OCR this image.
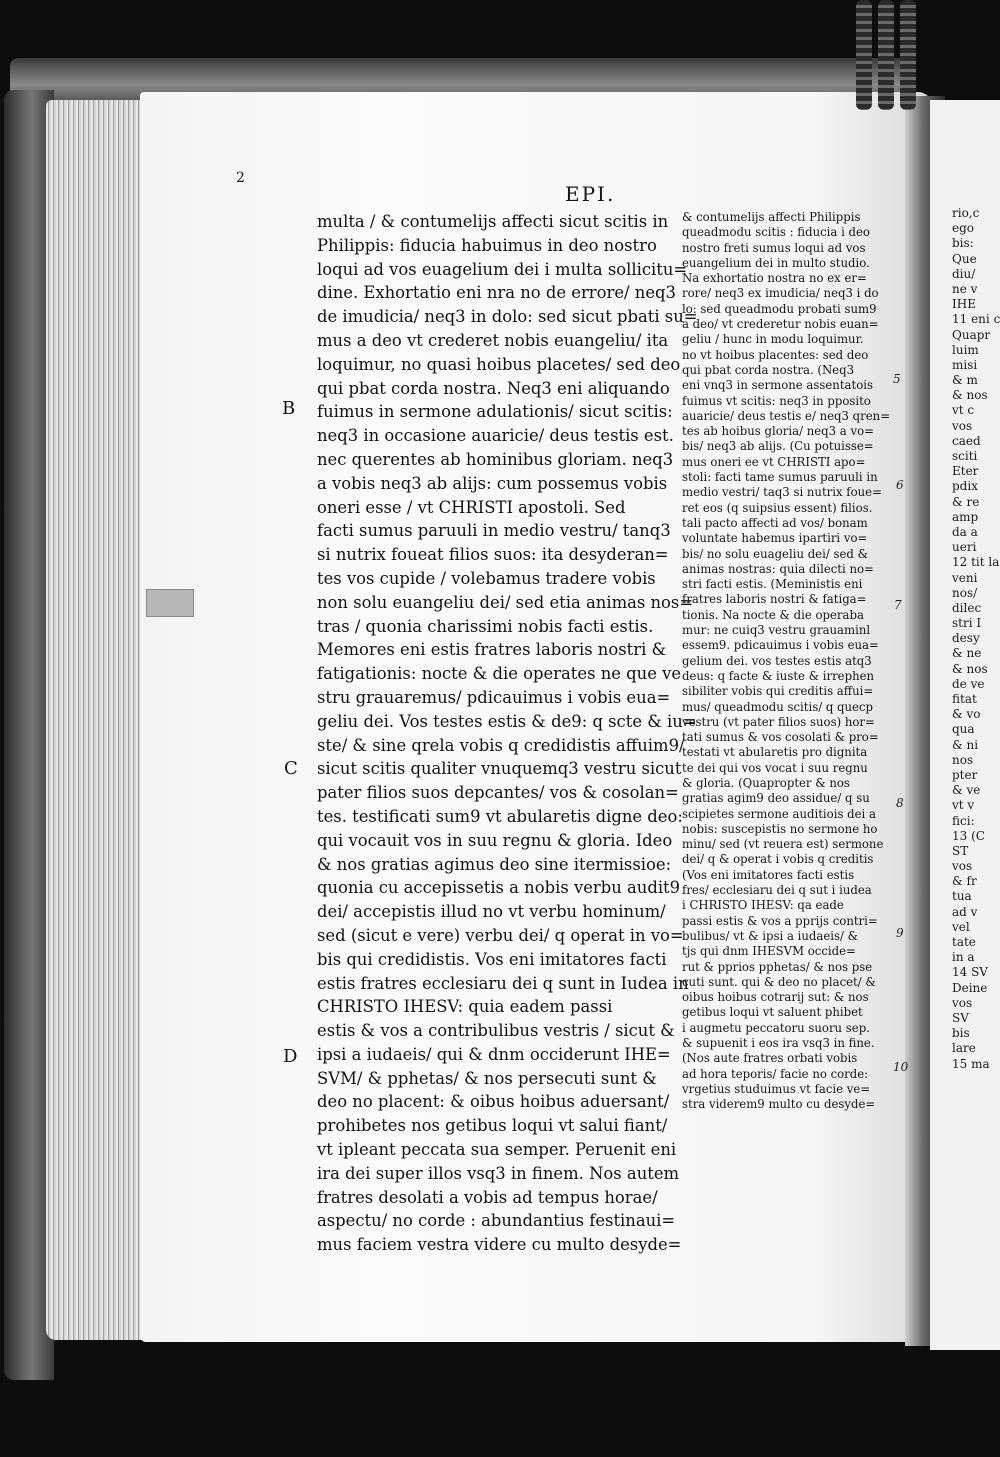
2
EPI.
B
C
D
5
6
7
8
9
10
multa / & contumelijs affecti sicut scitis in
Philippis: fiducia habuimus in deo nostro
loqui ad vos euagelium dei i multa sollicitu=
dine. Exhortatio eni nra no de errore/ neq3
de imudicia/ neq3 in dolo: sed sicut pbati su=
mus a deo vt crederet nobis euangeliu/ ita
loquimur, no quasi hoibus placetes/ sed deo
qui pbat corda nostra. Neq3 eni aliquando
fuimus in sermone adulationis/ sicut scitis:
neq3 in occasione auaricie/ deus testis est.
nec querentes ab hominibus gloriam. neq3
a vobis neq3 ab alijs: cum possemus vobis
oneri esse / vt CHRISTI apostoli. Sed
facti sumus paruuli in medio vestru/ tanq3
si nutrix foueat filios suos: ita desyderan=
tes vos cupide / volebamus tradere vobis
non solu euangeliu dei/ sed etia animas nos=
tras / quonia charissimi nobis facti estis.
Memores eni estis fratres laboris nostri &
fatigationis: nocte & die operates ne que ve
stru grauaremus/ pdicauimus i vobis eua=
geliu dei. Vos testes estis & de9: q scte & iu=
ste/ & sine qrela vobis q credidistis affuim9/
sicut scitis qualiter vnuquemq3 vestru sicut
pater filios suos depcantes/ vos & cosolan=
tes. testificati sum9 vt abularetis digne deo:
qui vocauit vos in suu regnu & gloria. Ideo
& nos gratias agimus deo sine itermissioe:
quonia cu accepissetis a nobis verbu audit9
dei/ accepistis illud no vt verbu hominum/
sed (sicut e vere) verbu dei/ q operat in vo=
bis qui credidistis. Vos eni imitatores facti
estis fratres ecclesiaru dei q sunt in Iudea in
CHRISTO IHESV: quia eadem passi
estis & vos a contribulibus vestris / sicut &
ipsi a iudaeis/ qui & dnm occiderunt IHE=
SVM/ & pphetas/ & nos persecuti sunt &
deo no placent: & oibus hoibus aduersant/
prohibetes nos getibus loqui vt salui fiant/
vt ipleant peccata sua semper. Peruenit eni
ira dei super illos vsq3 in finem. Nos autem
fratres desolati a vobis ad tempus horae/
aspectu/ no corde : abundantius festinaui=
mus faciem vestra videre cu multo desyde=
& contumelijs affecti Philippis
queadmodu scitis : fiducia i deo
nostro freti sumus loqui ad vos
euangelium dei in multo studio.
Na exhortatio nostra no ex er=
rore/ neq3 ex imudicia/ neq3 i do
lo: sed queadmodu probati sum9
a deo/ vt crederetur nobis euan=
geliu / hunc in modu loquimur.
no vt hoibus placentes: sed deo
qui pbat corda nostra. (Neq3
eni vnq3 in sermone assentatois
fuimus vt scitis: neq3 in pposito
auaricie/ deus testis e/ neq3 qren=
tes ab hoibus gloria/ neq3 a vo=
bis/ neq3 ab alijs. (Cu potuisse=
mus oneri ee vt CHRISTI apo=
stoli: facti tame sumus paruuli in
medio vestri/ taq3 si nutrix foue=
ret eos (q suipsius essent) filios.
tali pacto affecti ad vos/ bonam
voluntate habemus ipartiri vo=
bis/ no solu euageliu dei/ sed &
animas nostras: quia dilecti no=
stri facti estis. (Meministis eni
fratres laboris nostri & fatiga=
tionis. Na nocte & die operaba
mur: ne cuiq3 vestru grauaminl
essem9. pdicauimus i vobis eua=
gelium dei. vos testes estis atq3
deus: q facte & iuste & irrephen
sibiliter vobis qui creditis affui=
mus/ queadmodu scitis/ q quecp
vestru (vt pater filios suos) hor=
tati sumus & vos cosolati & pro=
testati vt abularetis pro dignita
te dei qui vos vocat i suu regnu
& gloria. (Quapropter & nos
gratias agim9 deo assidue/ q su
scipietes sermone auditiois dei a
nobis: suscepistis no sermone ho
minu/ sed (vt reuera est) sermone
dei/ q & operat i vobis q creditis
(Vos eni imitatores facti estis
fres/ ecclesiaru dei q sut i iudea
i CHRISTO IHESV: qa eade
passi estis & vos a pprijs contri=
bulibus/ vt & ipsi a iudaeis/ &
tjs qui dnm IHESVM occide=
rut & pprios pphetas/ & nos pse
cuti sunt. qui & deo no placet/ &
oibus hoibus cotrarij sut: & nos
getibus loqui vt saluent phibet
i augmetu peccatoru suoru sep.
& supuenit i eos ira vsq3 in fine.
(Nos aute fratres orbati vobis
ad hora teporis/ facie no corde:
vrgetius studuimus vt facie ve=
stra viderem9 multo cu desyde=
rio,c
ego
bis:
Que
diu/
ne v
IHE
11 eni c
Quapr
luim
misi
& m
& nos
vt c
vos
caed
sciti
Eter
pdix
& re
amp
da a
ueri
12 tit la
veni
nos/
dilec
stri I
desy
& ne
& nos
de ve
fitat
& vo
qua
& ni
nos
pter
& ve
vt v
fici:
13 (C
ST
vos
& fr
tua
ad v
vel
tate
in a
14 SV
Deine
vos
SV
bis
lare
15 ma
